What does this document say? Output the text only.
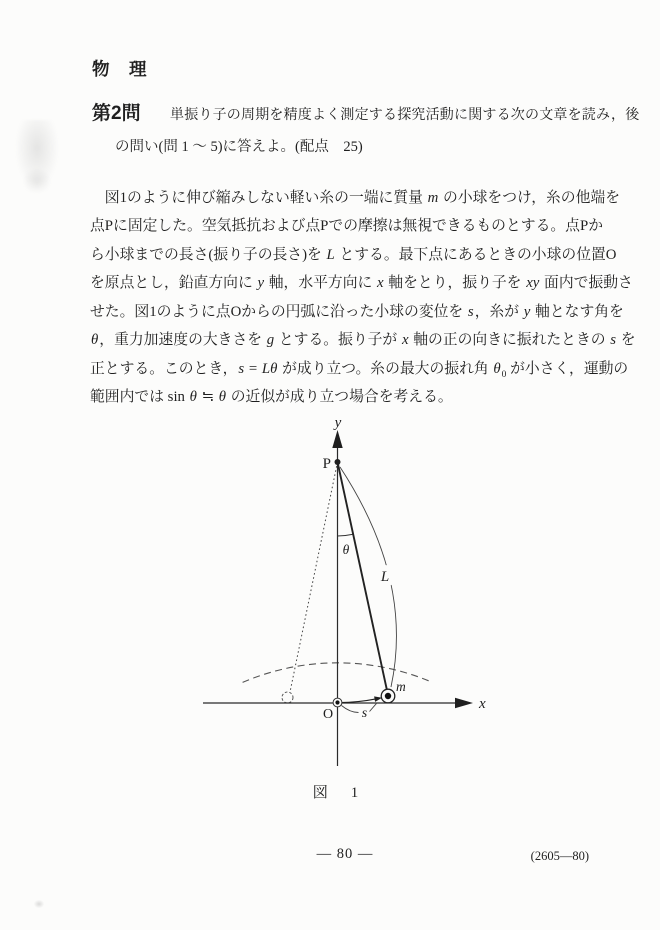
物　理
第2問 単振り子の周期を精度よく測定する探究活動に関する次の文章を読み，後
の問い(問 1 〜 5)に答えよ。(配点　25)
　図1のように伸び縮みしない軽い糸の一端に質量 m の小球をつけ，糸の他端を
点Pに固定した。空気抵抗および点Pでの摩擦は無視できるものとする。点Pか
ら小球までの長さ(振り子の長さ)を L とする。最下点にあるときの小球の位置O
を原点とし，鉛直方向に y 軸，水平方向に x 軸をとり，振り子を xy 面内で振動さ
せた。図1のように点Oからの円弧に沿った小球の変位を s，糸が y 軸となす角を
θ，重力加速度の大きさを g とする。振り子が x 軸の正の向きに振れたときの s を
正とする。このとき，s = Lθ が成り立つ。糸の最大の振れ角 $\theta_0$ が小さく，運動の
範囲内では sin θ ≒ θ の近似が成り立つ場合を考える。
x
y
θ
L
s
P
O
m
図　1
— 80 —	(2605—80)
